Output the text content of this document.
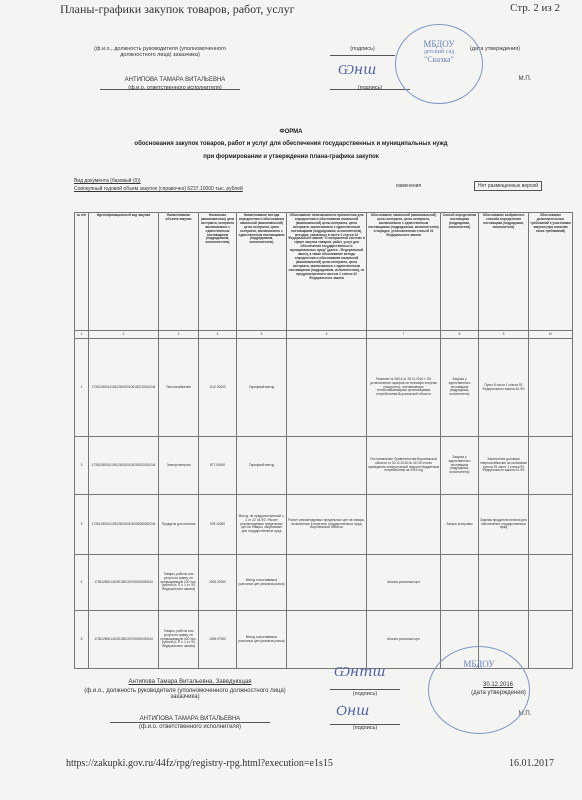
Планы-графики закупок товаров, работ, услуг	Стр. 2 из 2
(ф.и.о., должность руководителя (уполномоченного должностного лица) заказчика)
(подпись)	(дата утверждения)
АНТИПОВА ТАМАРА ВИТАЛЬЕВНА
(ф.и.о. ответственного исполнителя)	(подпись)
М.П.
Ѡнш
МБДОУ
детский сад
"Сказка"
ФОРМА
обоснования закупок товаров, работ и услуг для обеспечения государственных и муниципальных нужд
при формировании и утверждении плана-графика закупок
Вид документа (базовый (0))
Совокупный годовой объем закупок (справочно) 6237.10000 тыс. рублей	изменения	Нет размещенных версий
№ п/п	Идентификационный код закупки	Наименование объекта закупки	Начальная (максимальная) цена контракта, контракта заключаемого с единственным поставщиком (подрядчиком, исполнителем)	Наименование метода определения и обоснования начальной (максимальной) цены контракта, цены контракта, заключаемого с единственным поставщиком (подрядчиком, исполнителем)	Обоснование невозможности применения для определения и обоснования начальной (максимальной) цены контракта, цены контракта, заключаемого с единственным поставщиком (подрядчиком, исполнителем), методов, указанных в части 1 статьи 22 Федерального закона "О контрактной системе в сфере закупок товаров, работ, услуг для обеспечения государственных и муниципальных нужд" (далее - Федеральный закон), а также обоснование метода определения и обоснования начальной (максимальной) цены контракта, цены контракта, заключаемого с единственным поставщиком (подрядчиком, исполнителем), не предусмотренного частью 1 статьи 22 Федерального закона	Обоснование начальной (максимальной) цены контракта, цены контракта, заключаемого с единственным поставщиком (подрядчиком, исполнителем) в порядке, установленном статьей 22 Федерального закона	Способ определения поставщика (подрядчика, исполнителя)	Обоснование выбранного способа определения поставщика (подрядчика, исполнителя)	Обоснование дополнительных требований к участникам закупки (при наличии таких требований)
1	2	3	4	5	6	7	8	9	10
1	173512800141051280100100100210024244	Теплоснабжение	1112.00000	Тарифный метод		Решение № 94/14 от 25.11.2016 г. Об установлении тарифов на тепловую энергию (мощность), поставляемую теплоснабжающими организациями потребителям Воронежской области	Закупка у единственного поставщика (подрядчика, исполнителя)	Пункт 8 части 1 статьи 93 Федерального закона 44-ФЗ	
2	173512800141051280100100200020024244	Электроэнергия	877.00000	Тарифный метод		Постановление Правительства Воронежской области от 30.12.2016 № 44 Об итогах проведения электрической энергии бюджетным потребителям на 2016 год	Закупка у единственного поставщика (подрядчика, исполнителя)	Заключение договора энергоснабжения на основании пункта 29 части 1 статьи 93 Федерального закона 44-ФЗ	
3	173512800141051280100100030080000244	Продукты для питания	978.10000	Метод, не предусмотренный ч. 1 ст. 22 44-ФЗ. Расчет рекомендуемых предельных цен на товары, закупаемые для государственных нужд	Расчет рекомендуемых предельных цен на товары, включенные в перечень государственных нужд Воронежской области		Запрос котировок	Закупка продуктов питания для обеспечения государственных нужд	
4	173512800141051280100700010000244	Товары, работы или услуги на сумму, не превышающую 100 тыс. рублей (п. 4 ч. 1 ст. 93 Федерального закона)	2000.00000	Метод сопоставимых рыночных цен (анализа рынка)		Анализ рыночных цен			
5	173512800141051280100700020000244	Товары, работы или услуги на сумму, не превышающую 400 тыс. рублей (п. 5 ч. 1 ст. 93 Федерального закона)	1269.97000	Метод сопоставимых рыночных цен (анализа рынка)		Анализ рыночных цен			
Антипова Тамара Витальевна, Заведующая
(ф.и.о., должность руководителя (уполномоченного должностного лица) заказчика)	(подпись)
30.12.2016
(дата утверждения)
АНТИПОВА ТАМАРА ВИТАЛЬЕВНА
(ф.и.о. ответственного исполнителя)	(подпись)
М.П.
Ѡнтш
Ѻнш
МБДОУ
https://zakupki.gov.ru/44fz/rpg/registry-rpg.html?execution=e1s15	16.01.2017
